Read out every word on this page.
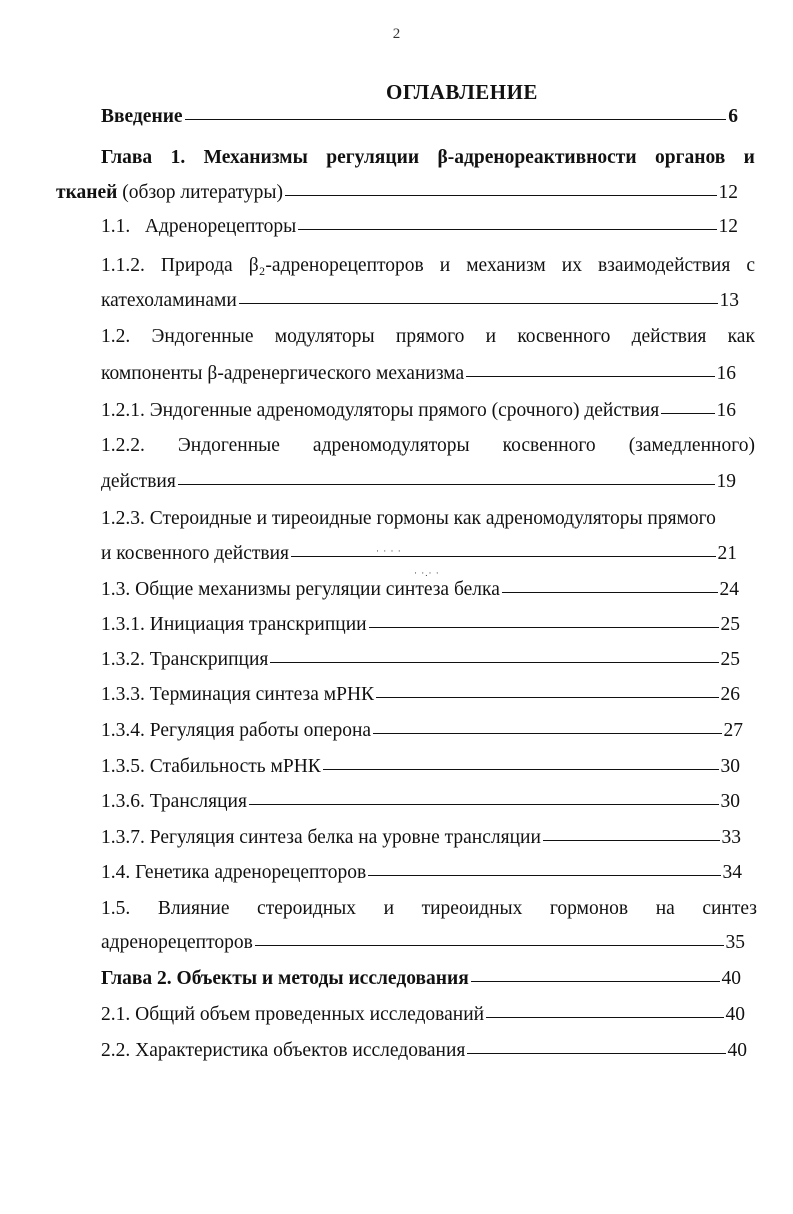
2
ОГЛАВЛЕНИЕ
Введение	6
Глава 1. Механизмы регуляции β-адренореактивности органов и
тканей (обзор литературы)	12
1.1.   Адренорецепторы	12
1.1.2. Природа β₂-адренорецепторов и механизм их взаимодействия с
катехоламинами	13
1.2. Эндогенные модуляторы прямого и косвенного действия как
компоненты β-адренергического механизма	16
1.2.1. Эндогенные адреномодуляторы прямого (срочного) действия	16
1.2.2. Эндогенные адреномодуляторы косвенного (замедленного)
действия	19
1.2.3. Стероидные и тиреоидные гормоны как адреномодуляторы прямого
и косвенного действия	21
· · · ·
· ·.· ·
1.3. Общие механизмы регуляции синтеза белка	24
1.3.1. Инициация транскрипции	25
1.3.2. Транскрипция	25
1.3.3. Терминация синтеза мРНК	26
1.3.4. Регуляция работы оперона	27
1.3.5. Стабильность мРНК	30
1.3.6. Трансляция	30
1.3.7. Регуляция синтеза белка на уровне трансляции	33
1.4. Генетика адренорецепторов	34
1.5. Влияние стероидных и тиреоидных гормонов на синтез
адренорецепторов	35
Глава 2. Объекты и методы исследования	40
2.1. Общий объем проведенных исследований	40
2.2. Характеристика объектов исследования	40
